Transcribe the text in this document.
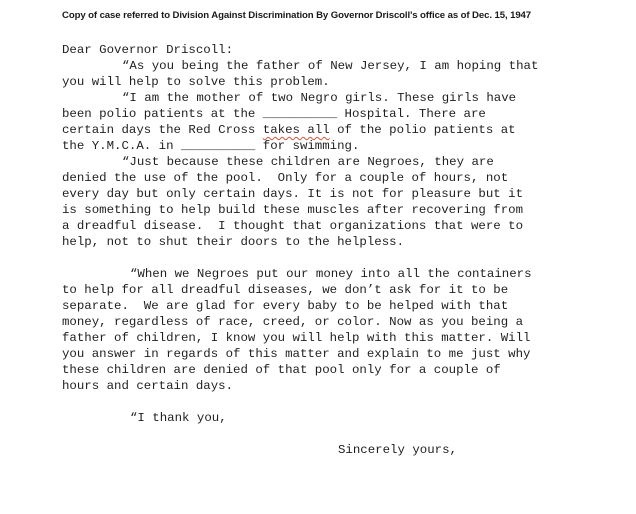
Copy of case referred to Division Against Discrimination By Governor Driscoll's office as of Dec. 15, 1947
Dear Governor Driscoll:
“As you being the father of New Jersey, I am hoping that
you will help to solve this problem.
“I am the mother of two Negro girls. These girls have
been polio patients at the __________ Hospital. There are
certain days the Red Cross takes all of the polio patients at
the Y.M.C.A. in __________ for swimming.
“Just because these children are Negroes, they are
denied the use of the pool.  Only for a couple of hours, not
every day but only certain days. It is not for pleasure but it
is something to help build these muscles after recovering from
a dreadful disease.  I thought that organizations that were to
help, not to shut their doors to the helpless.
“When we Negroes put our money into all the containers
to help for all dreadful diseases, we don’t ask for it to be
separate.  We are glad for every baby to be helped with that
money, regardless of race, creed, or color. Now as you being a
father of children, I know you will help with this matter. Will
you answer in regards of this matter and explain to me just why
these children are denied of that pool only for a couple of
hours and certain days.
“I thank you,
Sincerely yours,
